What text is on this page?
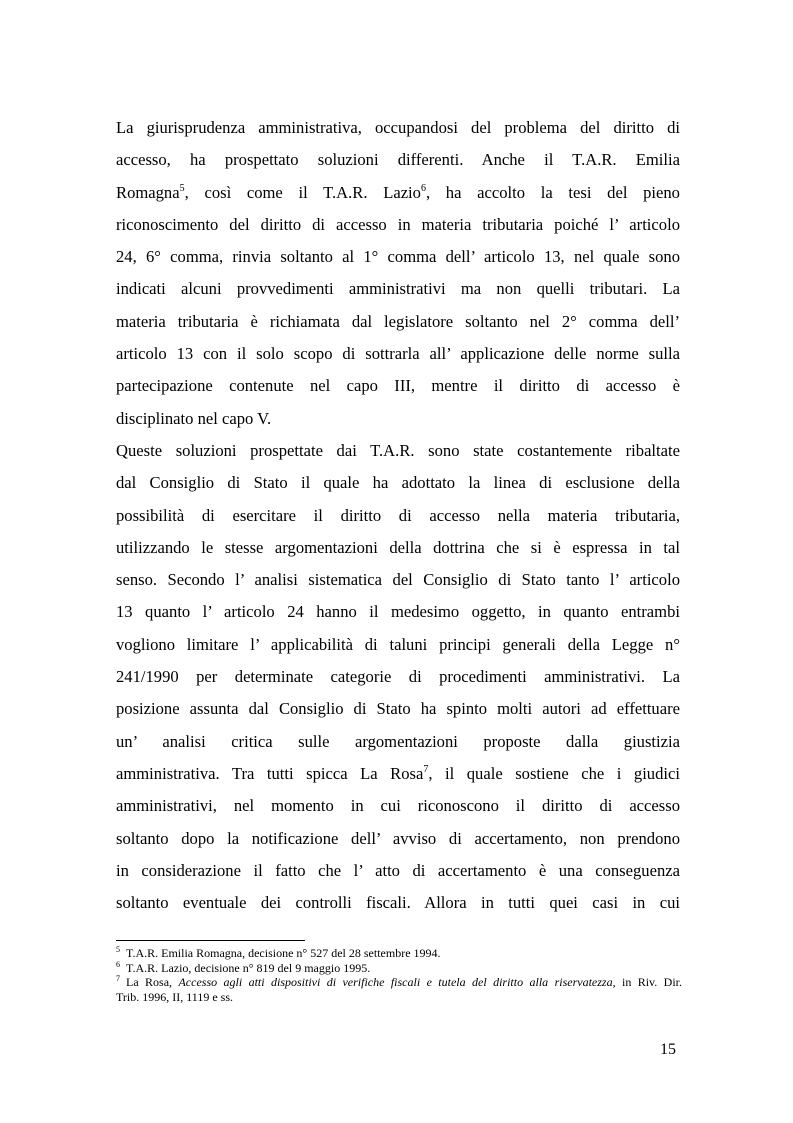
La giurisprudenza amministrativa, occupandosi del problema del diritto di
accesso, ha prospettato soluzioni differenti. Anche il T.A.R. Emilia
Romagna$^5$, così come il T.A.R. Lazio$^6$, ha accolto la tesi del pieno
riconoscimento del diritto di accesso in materia tributaria poiché l’ articolo
24, 6° comma, rinvia soltanto al 1° comma dell’ articolo 13, nel quale sono
indicati alcuni provvedimenti amministrativi ma non quelli tributari. La
materia tributaria è richiamata dal legislatore soltanto nel 2° comma dell’
articolo 13 con il solo scopo di sottrarla all’ applicazione delle norme sulla
partecipazione contenute nel capo III, mentre il diritto di accesso è
disciplinato nel capo V.
Queste soluzioni prospettate dai T.A.R. sono state costantemente ribaltate
dal Consiglio di Stato il quale ha adottato la linea di esclusione della
possibilità di esercitare il diritto di accesso nella materia tributaria,
utilizzando le stesse argomentazioni della dottrina che si è espressa in tal
senso. Secondo l’ analisi sistematica del Consiglio di Stato tanto l’ articolo
13 quanto l’ articolo 24 hanno il medesimo oggetto, in quanto entrambi
vogliono limitare l’ applicabilità di taluni principi generali della Legge n°
241/1990 per determinate categorie di procedimenti amministrativi. La
posizione assunta dal Consiglio di Stato ha spinto molti autori ad effettuare
un’ analisi critica sulle argomentazioni proposte dalla giustizia
amministrativa. Tra tutti spicca La Rosa$^7$, il quale sostiene che i giudici
amministrativi, nel momento in cui riconoscono il diritto di accesso
soltanto dopo la notificazione dell’ avviso di accertamento, non prendono
in considerazione il fatto che l’ atto di accertamento è una conseguenza
soltanto eventuale dei controlli fiscali. Allora in tutti quei casi in cui
$^5$ T.A.R. Emilia Romagna, decisione n° 527 del 28 settembre 1994.
$^6$ T.A.R. Lazio, decisione n° 819 del 9 maggio 1995.
$^7$ La Rosa, Accesso agli atti dispositivi di verifiche fiscali e tutela del diritto alla riservatezza, in Riv. Dir.
Trib. 1996, II, 1119 e ss.
15
